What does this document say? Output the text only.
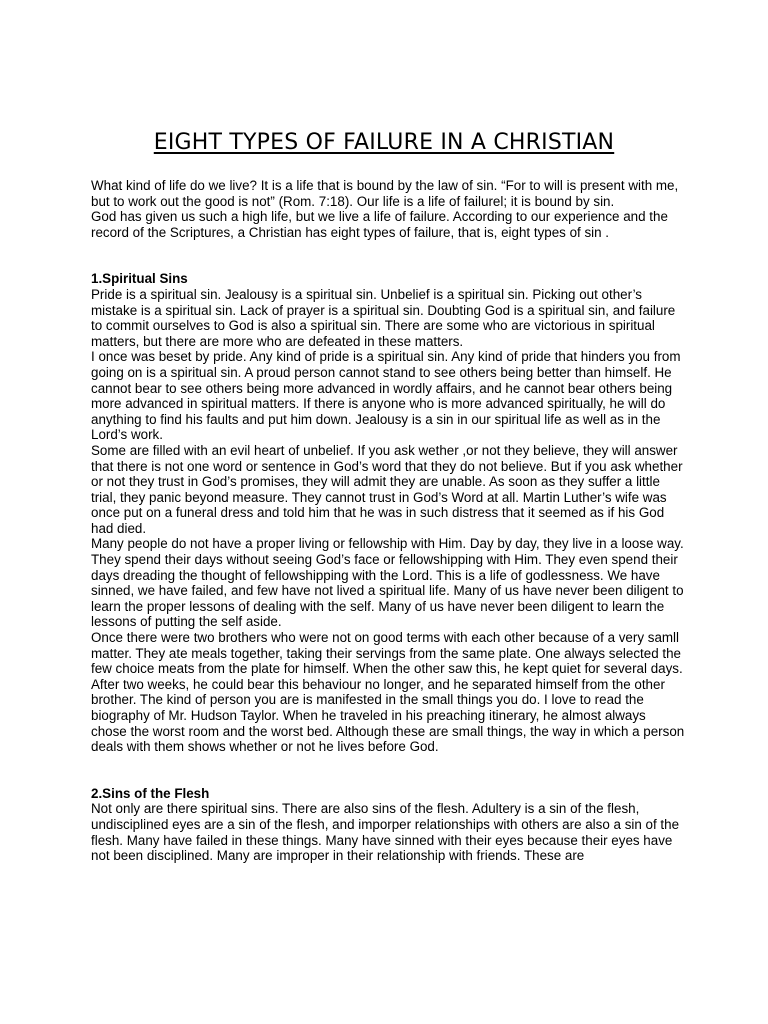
EIGHT TYPES OF FAILURE IN A CHRISTIAN

What kind of life do we live? It is a life that is bound by the law of sin. “For to will is present with me, but to work out the good is not” (Rom. 7:18). Our life is a life of failurel; it is bound by sin.

God has given us such a high life, but we live a life of failure. According to our experience and the record of the Scriptures, a Christian has eight types of failure, that is, eight types of sin .

1.Spiritual Sins

Pride is a spiritual sin. Jealousy is a spiritual sin. Unbelief is a spiritual sin. Picking out other’s mistake is a spiritual sin. Lack of prayer is a spiritual sin. Doubting God is a spiritual sin, and failure to commit ourselves to God is also a spiritual sin. There are some who are victorious in spiritual matters, but there are more who are defeated in these matters.

I once was beset by pride. Any kind of pride is a spiritual sin. Any kind of pride that hinders you from going on is a spiritual sin. A proud person cannot stand to see others being better than himself. He cannot bear to see others being more advanced in wordly affairs, and he cannot bear others being more advanced in spiritual matters. If there is anyone who is more advanced spiritually, he will do anything to find his faults and put him down. Jealousy is a sin in our spiritual life as well as in the Lord’s work.

Some are filled with an evil heart of unbelief. If you ask wether ,or not they believe, they will answer that there is not one word or sentence in God’s word that they do not believe. But if you ask whether or not they trust in God’s promises, they will admit they are unable. As soon as they suffer a little trial, they panic beyond measure. They cannot trust in God’s Word at all. Martin Luther’s wife was once put on a funeral dress and told him that he was in such distress that it seemed as if his God had died.

Many people do not have a proper living or fellowship with Him. Day by day, they live in a loose way. They spend their days without seeing God’s face or fellowshipping with Him. They even spend their days dreading the thought of fellowshipping with the Lord. This is a life of godlessness. We have sinned, we have failed, and few have not lived a spiritual life. Many of us have never been diligent to learn the proper lessons of dealing with the self. Many of us have never been diligent to learn the lessons of putting the self aside.

Once there were two brothers who were not on good terms with each other because of a very samll matter. They ate meals together, taking their servings from the same plate. One always selected the few choice meats from the plate for himself. When the other saw this, he kept quiet for several days. After two weeks, he could bear this behaviour no longer, and he separated himself from the other brother. The kind of person you are is manifested in the small things you do. I love to read the biography of Mr. Hudson Taylor. When he traveled in his preaching itinerary, he almost always chose the worst room and the worst bed. Although these are small things, the way in which a person deals with them shows whether or not he lives before God.

2.Sins of the Flesh

Not only are there spiritual sins. There are also sins of the flesh. Adultery is a sin of the flesh, undisciplined eyes are a sin of the flesh, and imporper relationships with others are also a sin of the flesh. Many have failed in these things. Many have sinned with their eyes because their eyes have not been disciplined. Many are improper in their relationship with friends. These are
